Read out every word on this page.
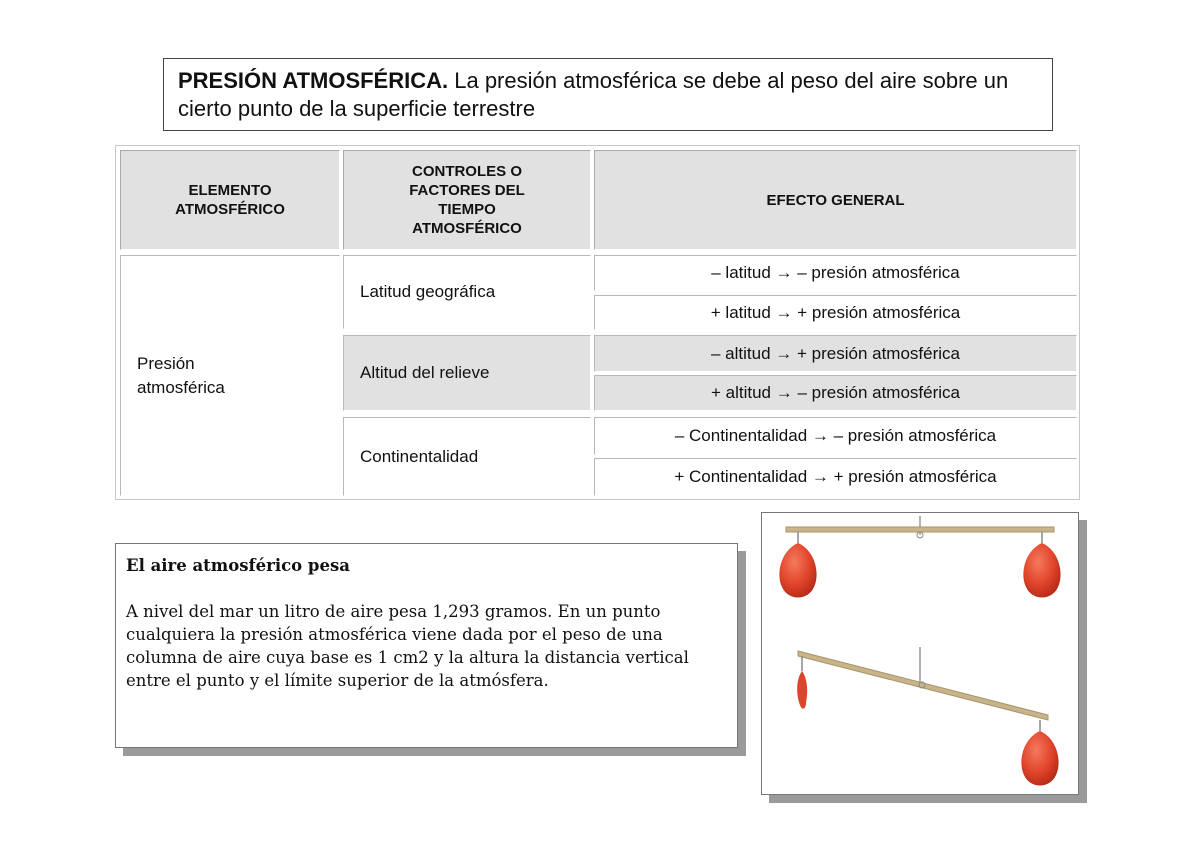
PRESIÓN ATMOSFÉRICA. La presión atmosférica se debe al peso del aire sobre un cierto punto de la superficie terrestre
ELEMENTO
ATMOSFÉRICO
CONTROLES O
FACTORES DEL
TIEMPO
ATMOSFÉRICO
EFECTO GENERAL
Presión atmosférica
Latitud geográfica
Altitud del relieve
Continentalidad
– latitud → – presión atmosférica
+ latitud → + presión atmosférica
– altitud → + presión atmosférica
+ altitud → – presión atmosférica
– Continentalidad → – presión atmosférica
+ Continentalidad → + presión atmosférica
El aire atmosférico pesa
A nivel del mar un litro de aire pesa 1,293 gramos. En un punto cualquiera la presión atmosférica viene dada por el peso de una columna de aire cuya base es 1 cm2 y la altura la distancia vertical entre el punto y el límite superior de la atmósfera.
